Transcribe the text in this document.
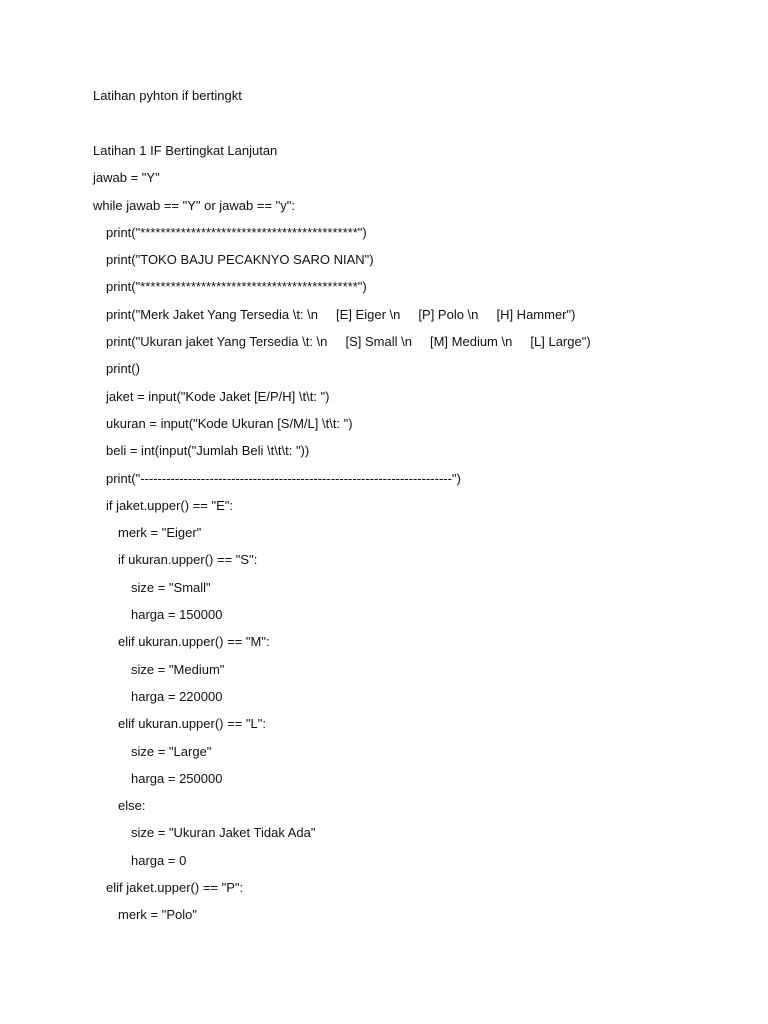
Latihan pyhton if bertingkt
Latihan 1 IF Bertingkat Lanjutan
jawab = "Y"
while jawab == "Y" or jawab == "y":
print("*******************************************")
print("TOKO BAJU PECAKNYO SARO NIAN")
print("*******************************************")
print("Merk Jaket Yang Tersedia \t: \n     [E] Eiger \n     [P] Polo \n     [H] Hammer")
print("Ukuran jaket Yang Tersedia \t: \n     [S] Small \n     [M] Medium \n     [L] Large")
print()
jaket = input("Kode Jaket [E/P/H] \t\t: ")
ukuran = input("Kode Ukuran [S/M/L] \t\t: ")
beli = int(input("Jumlah Beli \t\t\t: "))
print("------------------------------------------------------------------------")
if jaket.upper() == "E":
merk = "Eiger"
if ukuran.upper() == "S":
size = "Small"
harga = 150000
elif ukuran.upper() == "M":
size = "Medium"
harga = 220000
elif ukuran.upper() == "L":
size = "Large"
harga = 250000
else:
size = "Ukuran Jaket Tidak Ada"
harga = 0
elif jaket.upper() == "P":
merk = "Polo"
